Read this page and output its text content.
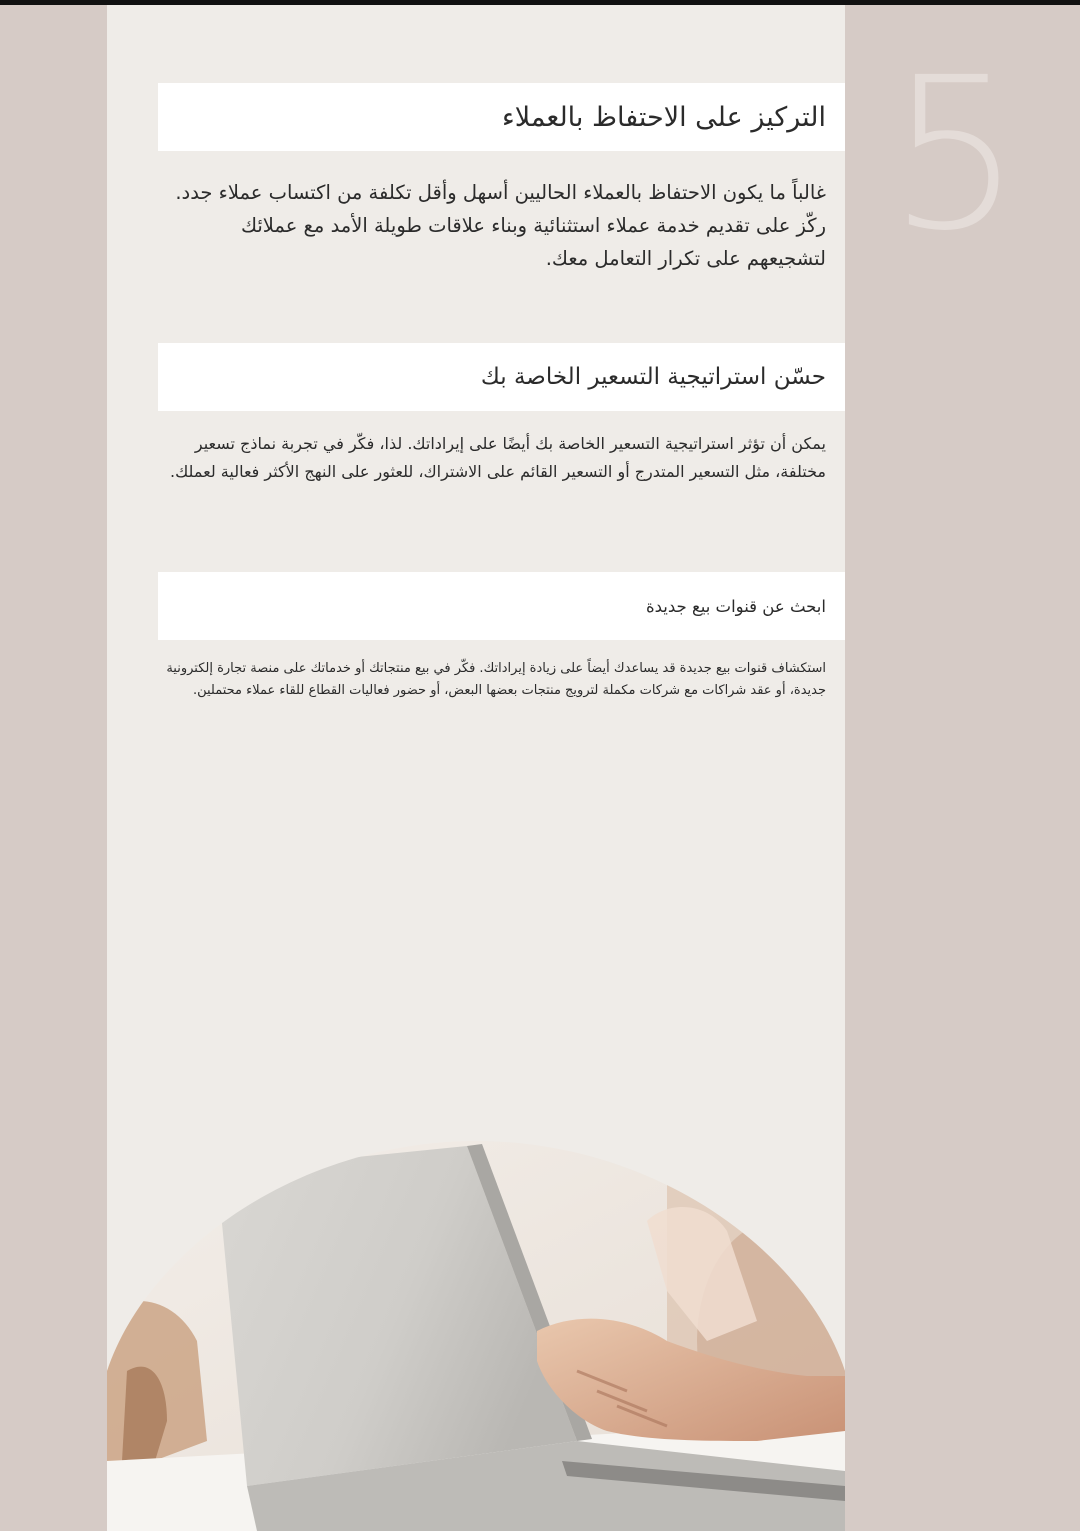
5
التركيز على الاحتفاظ بالعملاء

غالباً ما يكون الاحتفاظ بالعملاء الحاليين أسهل وأقل تكلفة من اكتساب عملاء جدد. ركّز على تقديم خدمة عملاء استثنائية وبناء علاقات طويلة الأمد مع عملائك لتشجيعهم على تكرار التعامل معك.

حسّن استراتيجية التسعير الخاصة بك

يمكن أن تؤثر استراتيجية التسعير الخاصة بك أيضًا على إيراداتك. لذا، فكّر في تجربة نماذج تسعير مختلفة، مثل التسعير المتدرج أو التسعير القائم على الاشتراك، للعثور على النهج الأكثر فعالية لعملك.

ابحث عن قنوات بيع جديدة

استكشاف قنوات بيع جديدة قد يساعدك أيضاً على زيادة إيراداتك. فكّر في بيع منتجاتك أو خدماتك على منصة تجارة إلكترونية جديدة، أو عقد شراكات مع شركات مكملة لترويج منتجات بعضها البعض، أو حضور فعاليات القطاع للقاء عملاء محتملين.
